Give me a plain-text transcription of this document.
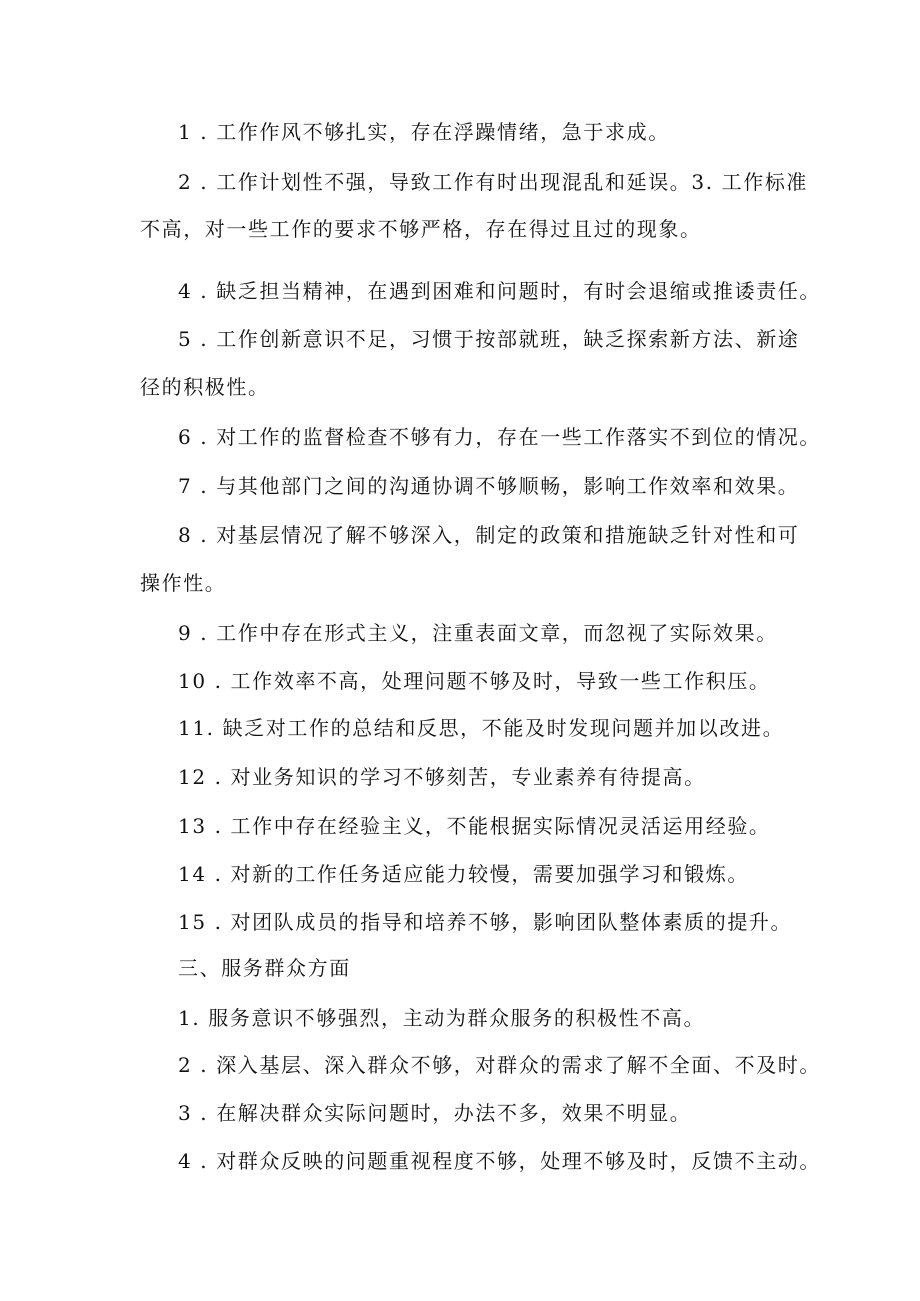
1 . 工作作风不够扎实，存在浮躁情绪，急于求成。
2 . 工作计划性不强，导致工作有时出现混乱和延误。3. 工作标准
不高，对一些工作的要求不够严格，存在得过且过的现象。
4 . 缺乏担当精神，在遇到困难和问题时，有时会退缩或推诿责任。
5 . 工作创新意识不足，习惯于按部就班，缺乏探索新方法、新途
径的积极性。
6 . 对工作的监督检查不够有力，存在一些工作落实不到位的情况。
7 . 与其他部门之间的沟通协调不够顺畅，影响工作效率和效果。
8 . 对基层情况了解不够深入，制定的政策和措施缺乏针对性和可
操作性。
9 . 工作中存在形式主义，注重表面文章，而忽视了实际效果。
10 . 工作效率不高，处理问题不够及时，导致一些工作积压。
11. 缺乏对工作的总结和反思，不能及时发现问题并加以改进。
12 . 对业务知识的学习不够刻苦，专业素养有待提高。
13 . 工作中存在经验主义，不能根据实际情况灵活运用经验。
14 . 对新的工作任务适应能力较慢，需要加强学习和锻炼。
15 . 对团队成员的指导和培养不够，影响团队整体素质的提升。
三、服务群众方面
1. 服务意识不够强烈，主动为群众服务的积极性不高。
2 . 深入基层、深入群众不够，对群众的需求了解不全面、不及时。
3 . 在解决群众实际问题时，办法不多，效果不明显。
4 . 对群众反映的问题重视程度不够，处理不够及时，反馈不主动。
